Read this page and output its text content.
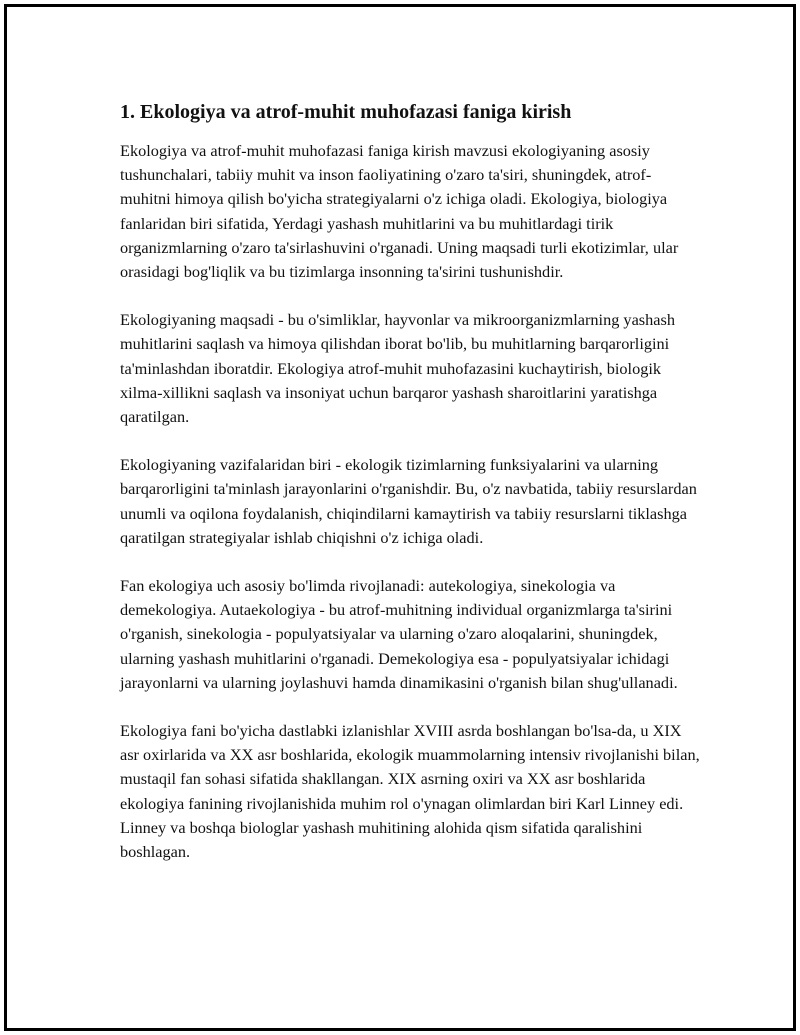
1. Ekologiya va atrof-muhit muhofazasi faniga kirish

Ekologiya va atrof-muhit muhofazasi faniga kirish mavzusi ekologiyaning asosiy tushunchalari, tabiiy muhit va inson faoliyatining o'zaro ta'siri, shuningdek, atrof-muhitni himoya qilish bo'yicha strategiyalarni o'z ichiga oladi. Ekologiya, biologiya fanlaridan biri sifatida, Yerdagi yashash muhitlarini va bu muhitlardagi tirik organizmlarning o'zaro ta'sirlashuvini o'rganadi. Uning maqsadi turli ekotizimlar, ular orasidagi bog'liqlik va bu tizimlarga insonning ta'sirini tushunishdir.

Ekologiyaning maqsadi - bu o'simliklar, hayvonlar va mikroorganizmlarning yashash muhitlarini saqlash va himoya qilishdan iborat bo'lib, bu muhitlarning barqarorligini ta'minlashdan iboratdir. Ekologiya atrof-muhit muhofazasini kuchaytirish, biologik xilma-xillikni saqlash va insoniyat uchun barqaror yashash sharoitlarini yaratishga qaratilgan.

Ekologiyaning vazifalaridan biri - ekologik tizimlarning funksiyalarini va ularning barqarorligini ta'minlash jarayonlarini o'rganishdir. Bu, o'z navbatida, tabiiy resurslardan unumli va oqilona foydalanish, chiqindilarni kamaytirish va tabiiy resurslarni tiklashga qaratilgan strategiyalar ishlab chiqishni o'z ichiga oladi.

Fan ekologiya uch asosiy bo'limda rivojlanadi: autekologiya, sinekologia va demekologiya. Autaekologiya - bu atrof-muhitning individual organizmlarga ta'sirini o'rganish, sinekologia - populyatsiyalar va ularning o'zaro aloqalarini, shuningdek, ularning yashash muhitlarini o'rganadi. Demekologiya esa - populyatsiyalar ichidagi jarayonlarni va ularning joylashuvi hamda dinamikasini o'rganish bilan shug'ullanadi.

Ekologiya fani bo'yicha dastlabki izlanishlar XVIII asrda boshlangan bo'lsa-da, u XIX asr oxirlarida va XX asr boshlarida, ekologik muammolarning intensiv rivojlanishi bilan, mustaqil fan sohasi sifatida shakllangan. XIX asrning oxiri va XX asr boshlarida ekologiya fanining rivojlanishida muhim rol o'ynagan olimlardan biri Karl Linney edi. Linney va boshqa biologlar yashash muhitining alohida qism sifatida qaralishini boshlagan.
